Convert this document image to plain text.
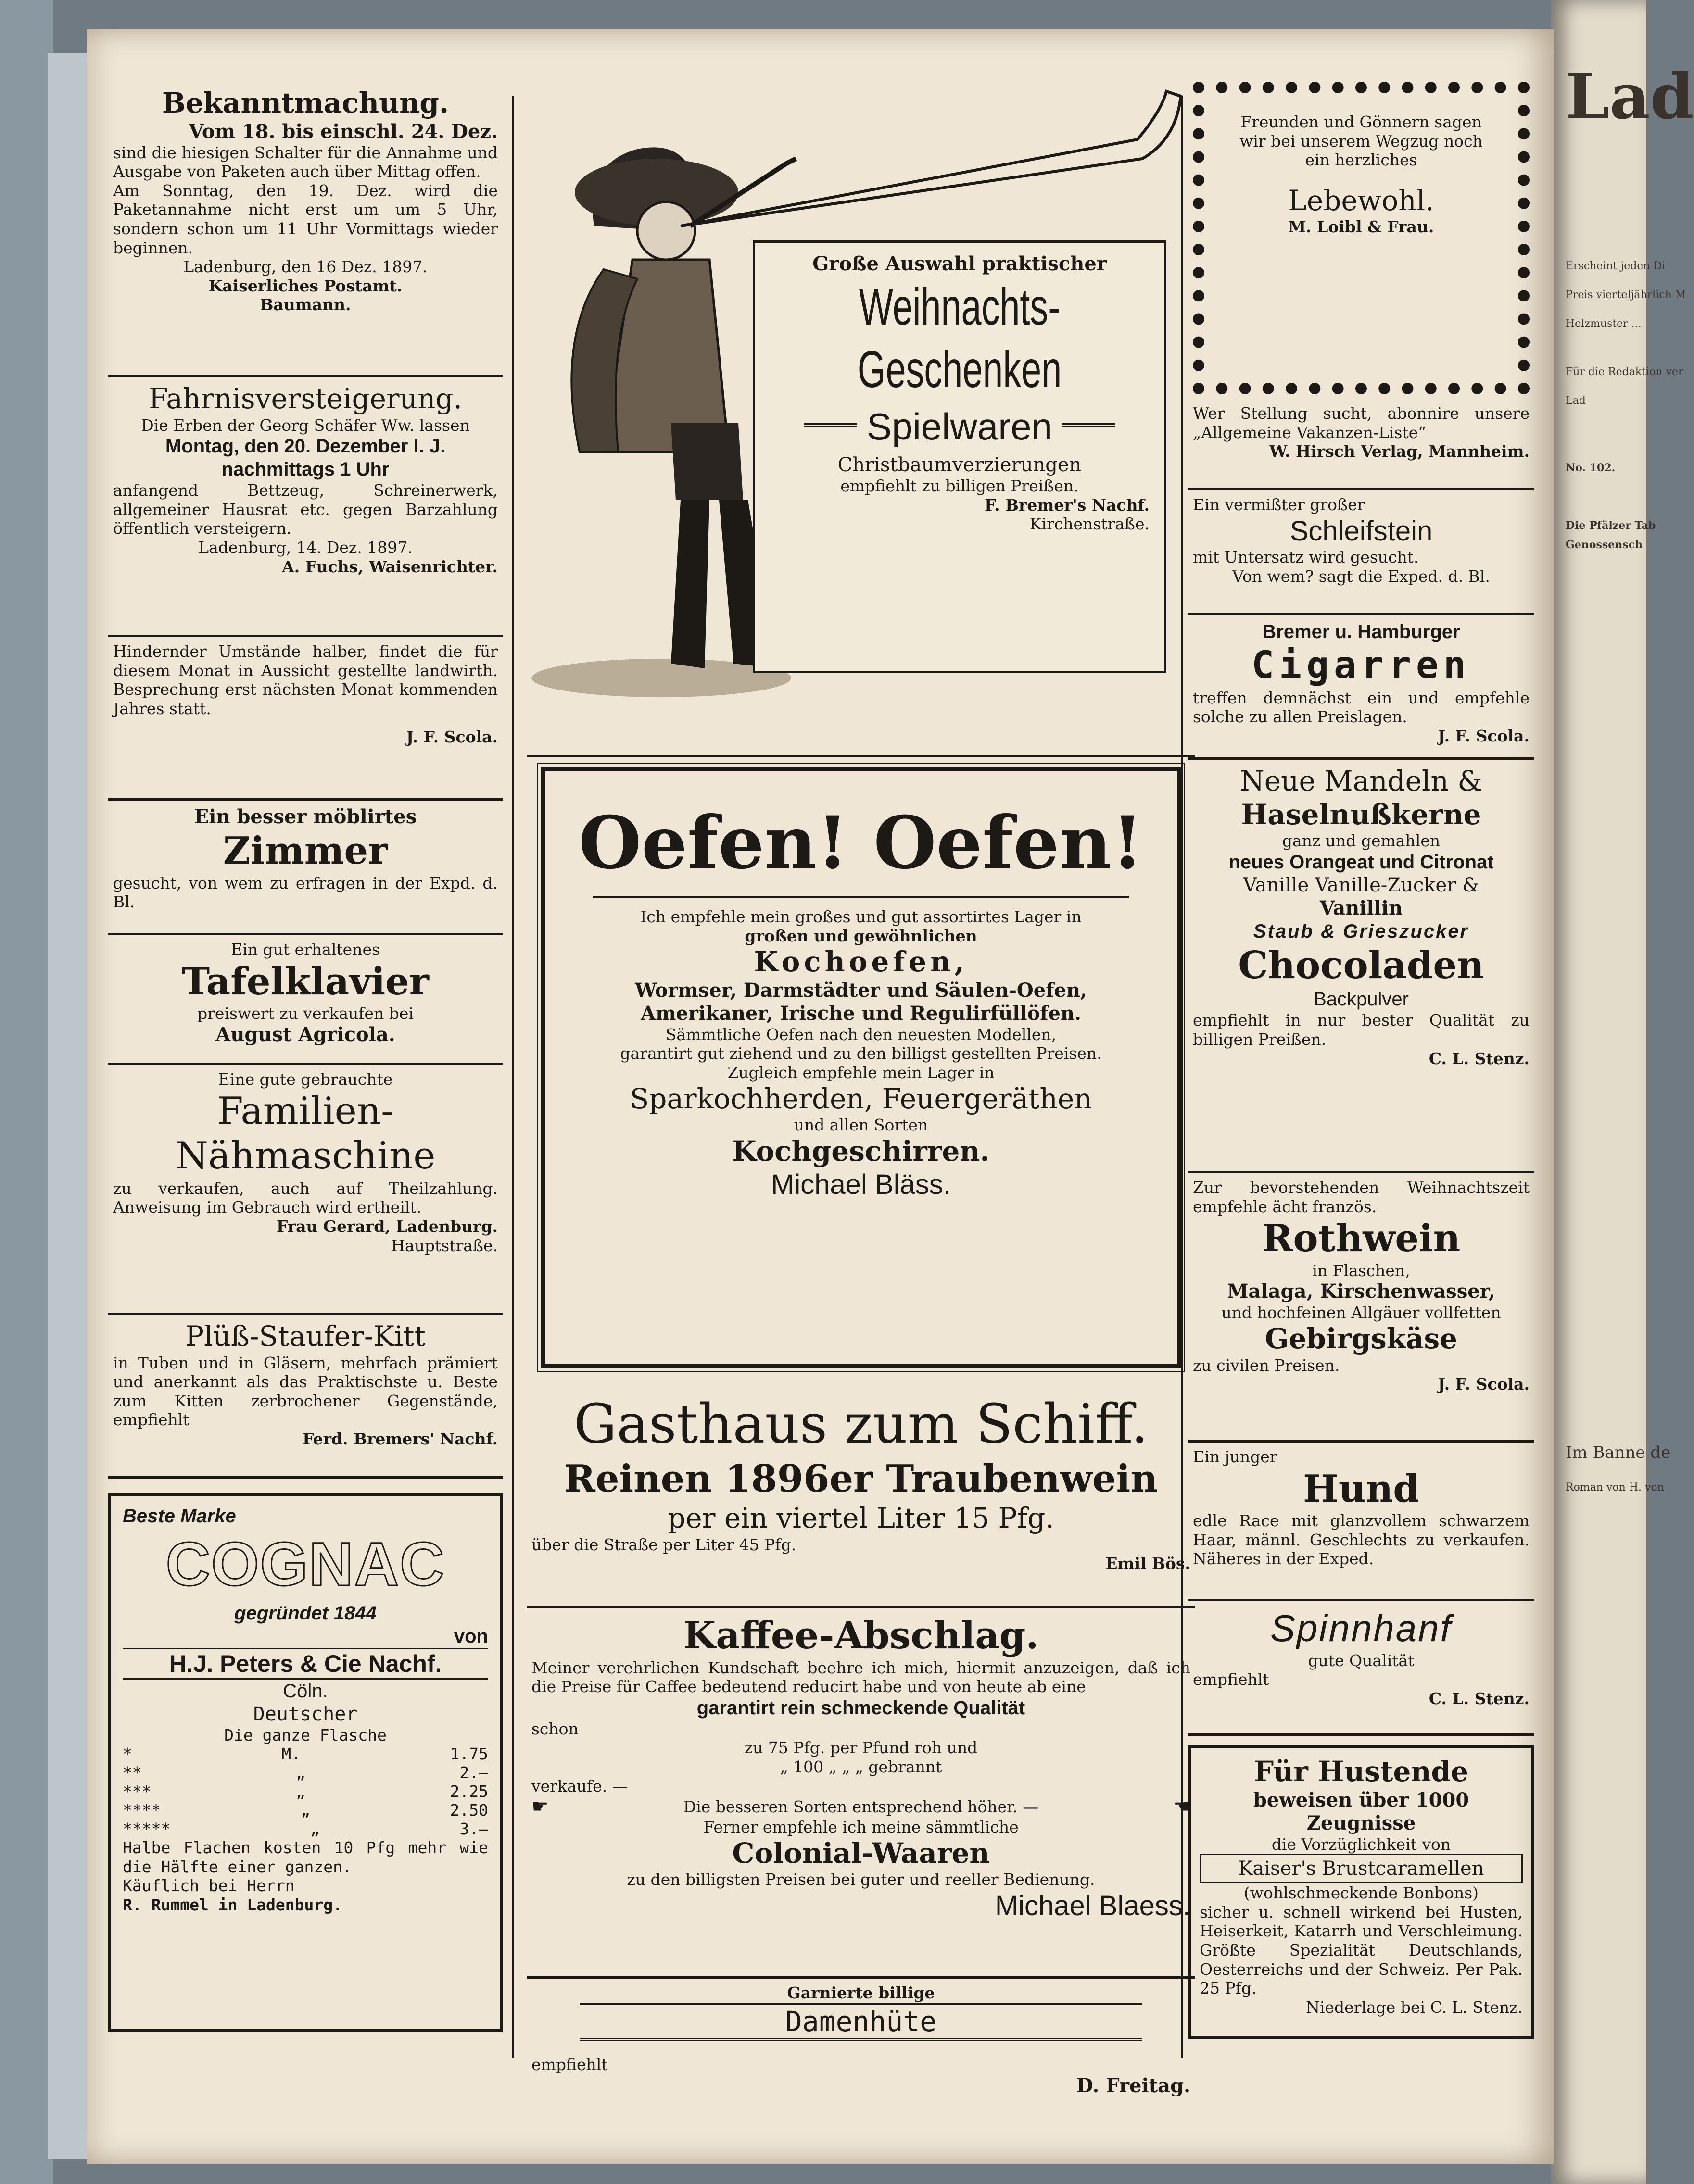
Lad
Erscheint jeden Di
Preis vierteljährlich M
Holzmuster ...
Für die Redaktion ver
Lad
No. 102.
Die Pfälzer Tab
Genossensch
Im Banne de
Roman von H. von
Bekanntmachung.
Vom 18. bis einschl. 24. Dez.
sind die hiesigen Schalter für die Annahme und Ausgabe von Paketen auch über Mittag offen.
Am Sonntag, den 19. Dez. wird die Paketannahme nicht erst um um 5 Uhr, sondern schon um 11 Uhr Vormittags wieder beginnen.
Ladenburg, den 16 Dez. 1897.
Kaiserliches Postamt.
Baumann.
Fahrnisversteigerung.
Die Erben der Georg Schäfer Ww. lassen
Montag, den 20. Dezember l. J.
nachmittags 1 Uhr
anfangend Bettzeug, Schreinerwerk, allgemeiner Hausrat etc. gegen Barzahlung öffentlich versteigern.
Ladenburg, 14. Dez. 1897.
A. Fuchs, Waisenrichter.
Hindernder Umstände halber, findet die für diesem Monat in Aussicht gestellte landwirth. Besprechung erst nächsten Monat kommenden Jahres statt.
J. F. Scola.
Ein besser möblirtes
Zimmer
gesucht, von wem zu erfragen in der Expd. d. Bl.
Ein gut erhaltenes
Tafelklavier
preiswert zu verkaufen bei
August Agricola.
Eine gute gebrauchte
Familien-
Nähmaschine
zu verkaufen, auch auf Theilzahlung. Anweisung im Gebrauch wird ertheilt.
Frau Gerard, Ladenburg.
Hauptstraße.
Plüß-Staufer-Kitt
in Tuben und in Gläsern, mehrfach prämiert und anerkannt als das Praktischste u. Beste zum Kitten zerbrochener Gegenstände, empfiehlt
Ferd. Bremers' Nachf.
Beste Marke
COGNAC
gegründet 1844
von
H.J. Peters & Cie Nachf.
Cöln.
Deutscher
Die ganze Flasche
*	M.	1.75
**	„	2.—
***	„	2.25
****	„	2.50
*****	„	3.—
Halbe Flachen kosten 10 Pfg mehr wie die Hälfte einer ganzen.
Käuflich bei Herrn
R. Rummel in Ladenburg.
Große Auswahl praktischer
Weihnachts-
Geschenken
Spielwaren
Christbaumverzierungen
empfiehlt zu billigen Preißen.
F. Bremer's Nachf.
Kirchenstraße.
Oefen! Oefen!
Ich empfehle mein großes und gut assortirtes Lager in
großen und gewöhnlichen
Kochoefen,
Wormser, Darmstädter und Säulen-Oefen,
Amerikaner, Irische und Regulirfüllöfen.
Sämmtliche Oefen nach den neuesten Modellen,
garantirt gut ziehend und zu den billigst gestellten Preisen.
Zugleich empfehle mein Lager in
Sparkochherden, Feuergeräthen
und allen Sorten
Kochgeschirren.
Michael Bläss.
Gasthaus zum Schiff.
Reinen 1896er Traubenwein
per ein viertel Liter 15 Pfg.
über die Straße per Liter 45 Pfg.
Emil Bös.
Kaffee-Abschlag.
Meiner verehrlichen Kundschaft beehre ich mich, hiermit anzuzeigen, daß ich die Preise für Caffee bedeutend reducirt habe und von heute ab eine
garantirt rein schmeckende Qualität
schon
zu 75 Pfg. per Pfund roh und
„ 100 „ „ „ gebrannt
verkaufe. —
☛	Die besseren Sorten entsprechend höher. —	☚
Ferner empfehle ich meine sämmtliche
Colonial-Waaren
zu den billigsten Preisen bei guter und reeller Bedienung.
Michael Blaess.
Garnierte billige
Damenhüte
empfiehlt
D. Freitag.
Freunden und Gönnern sagen wir bei unserem Wegzug noch ein herzliches
Lebewohl.
M. Loibl & Frau.
Wer Stellung sucht, abonnire unsere „Allgemeine Vakanzen-Liste“
W. Hirsch Verlag, Mannheim.
Ein vermißter großer
Schleifstein
mit Untersatz wird gesucht.
Von wem? sagt die Exped. d. Bl.
Bremer u. Hamburger
Cigarren
treffen demnächst ein und empfehle solche zu allen Preislagen.
J. F. Scola.
Neue Mandeln &
Haselnußkerne
ganz und gemahlen
neues Orangeat und Citronat
Vanille Vanille-Zucker &
Vanillin
Staub & Grieszucker
Chocoladen
Backpulver
empfiehlt in nur bester Qualität zu billigen Preißen.
C. L. Stenz.
Zur bevorstehenden Weihnachtszeit empfehle ächt französ.
Rothwein
in Flaschen,
Malaga, Kirschenwasser,
und hochfeinen Allgäuer vollfetten
Gebirgskäse
zu civilen Preisen.
J. F. Scola.
Ein junger
Hund
edle Race mit glanzvollem schwarzem Haar, männl. Geschlechts zu verkaufen. Näheres in der Exped.
Spinnhanf
gute Qualität
empfiehlt
C. L. Stenz.
Für Hustende
beweisen über 1000 Zeugnisse
die Vorzüglichkeit von
Kaiser's Brustcaramellen
(wohlschmeckende Bonbons)
sicher u. schnell wirkend bei Husten, Heiserkeit, Katarrh und Verschleimung. Größte Spezialität Deutschlands, Oesterreichs und der Schweiz. Per Pak. 25 Pfg.
Niederlage bei C. L. Stenz.
